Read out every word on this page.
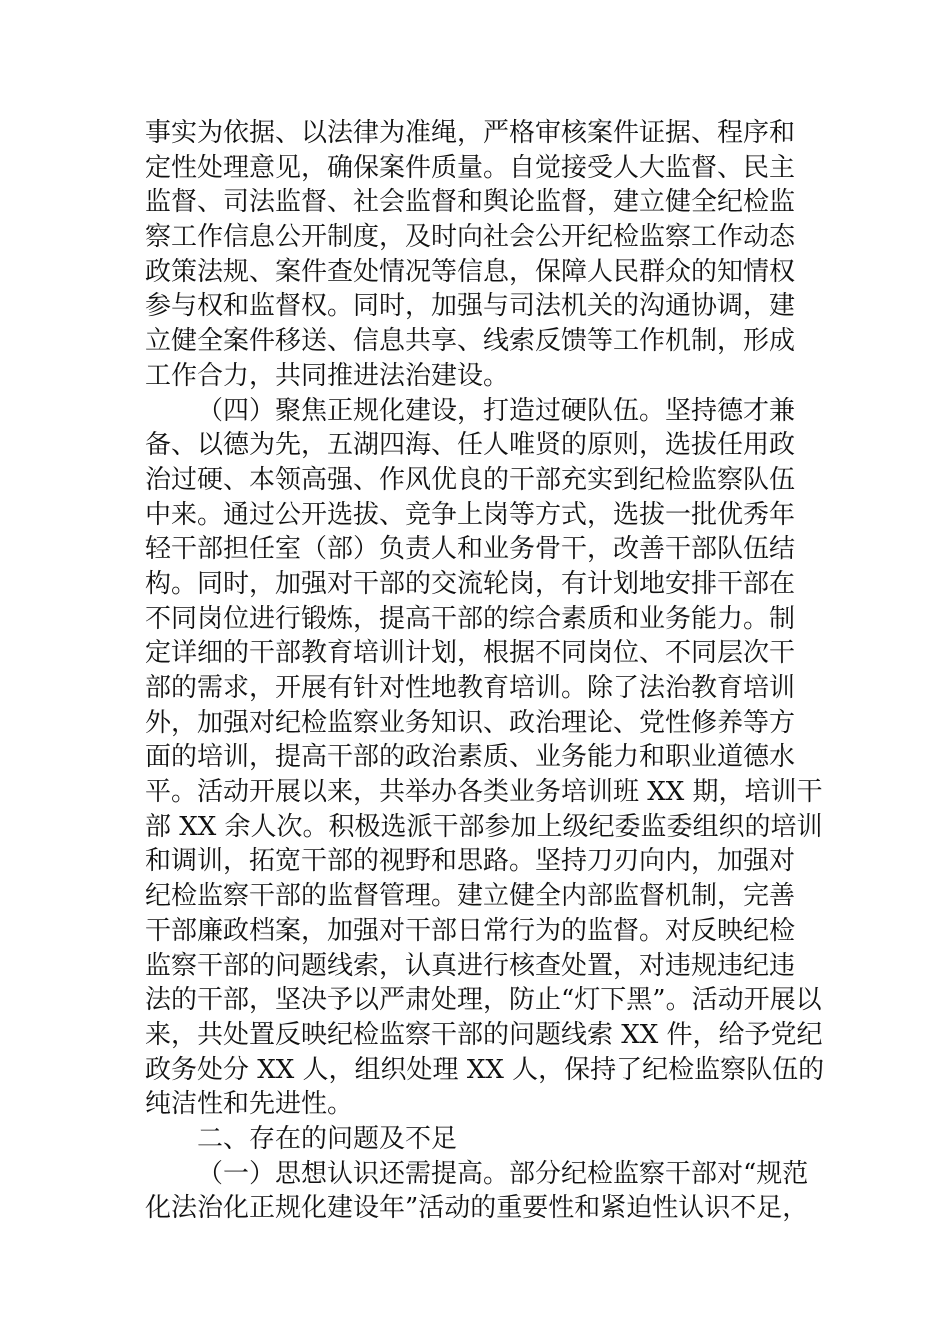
事实为依据、以法律为准绳，严格审核案件证据、程序和
定性处理意见，确保案件质量。自觉接受人大监督、民主
监督、司法监督、社会监督和舆论监督，建立健全纪检监
察工作信息公开制度，及时向社会公开纪检监察工作动态
政策法规、案件查处情况等信息，保障人民群众的知情权
参与权和监督权。同时，加强与司法机关的沟通协调，建
立健全案件移送、信息共享、线索反馈等工作机制，形成
工作合力，共同推进法治建设。
（四）聚焦正规化建设，打造过硬队伍。坚持德才兼
备、以德为先，五湖四海、任人唯贤的原则，选拔任用政
治过硬、本领高强、作风优良的干部充实到纪检监察队伍
中来。通过公开选拔、竞争上岗等方式，选拔一批优秀年
轻干部担任室（部）负责人和业务骨干，改善干部队伍结
构。同时，加强对干部的交流轮岗，有计划地安排干部在
不同岗位进行锻炼，提高干部的综合素质和业务能力。制
定详细的干部教育培训计划，根据不同岗位、不同层次干
部的需求，开展有针对性地教育培训。除了法治教育培训
外，加强对纪检监察业务知识、政治理论、党性修养等方
面的培训，提高干部的政治素质、业务能力和职业道德水
平。活动开展以来，共举办各类业务培训班 XX 期，培训干
部 XX 余人次。积极选派干部参加上级纪委监委组织的培训
和调训，拓宽干部的视野和思路。坚持刀刃向内，加强对
纪检监察干部的监督管理。建立健全内部监督机制，完善
干部廉政档案，加强对干部日常行为的监督。对反映纪检
监察干部的问题线索，认真进行核查处置，对违规违纪违
法的干部，坚决予以严肃处理，防止“灯下黑”。活动开展以
来，共处置反映纪检监察干部的问题线索 XX 件，给予党纪
政务处分 XX 人，组织处理 XX 人，保持了纪检监察队伍的
纯洁性和先进性。
二、存在的问题及不足
（一）思想认识还需提高。部分纪检监察干部对“规范
化法治化正规化建设年”活动的重要性和紧迫性认识不足，
